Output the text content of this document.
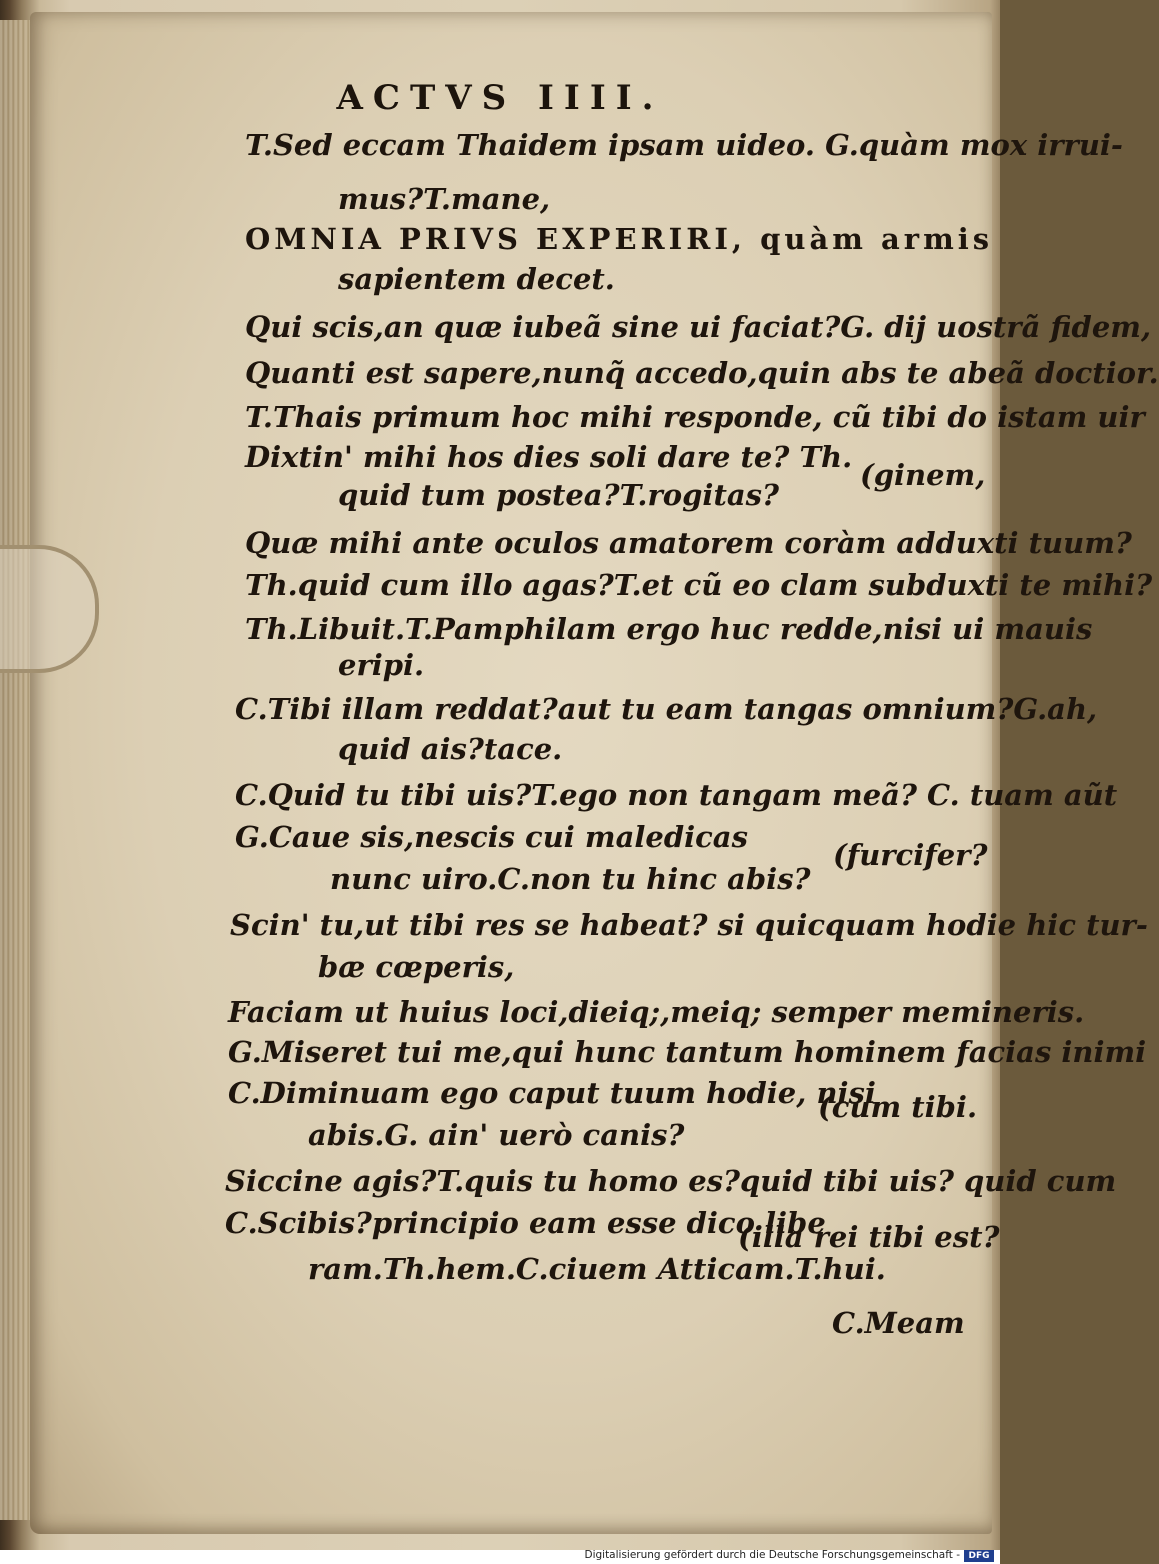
ACTVS IIII.
T.Sed eccam Thaidem ipsam uideo. G.quàm mox irrui-
mus?T.mane,
OMNIA PRIVS EXPERIRI, quàm armis
sapientem decet.
Qui scis,an quæ iubeã sine ui faciat?G. dij uostrã fidem,
Quanti est sapere,nunq̃ accedo,quin abs te abeã doctior.
T.Thais primum hoc mihi responde, cũ tibi do istam uir
Dixtin' mihi hos dies soli dare te? Th.
(ginem,
quid tum postea?T.rogitas?
Quæ mihi ante oculos amatorem coràm adduxti tuum?
Th.quid cum illo agas?T.et cũ eo clam subduxti te mihi?
Th.Libuit.T.Pamphilam ergo huc redde,nisi ui mauis
eripi.
C.Tibi illam reddat?aut tu eam tangas omnium?G.ah,
quid ais?tace.
C.Quid tu tibi uis?T.ego non tangam meã? C. tuam aũt
G.Caue sis,nescis cui maledicas
(furcifer?
nunc uiro.C.non tu hinc abis?
Scin' tu,ut tibi res se habeat? si quicquam hodie hic tur-
bæ cœperis,
Faciam ut huius loci,dieiq;,meiq; semper memineris.
G.Miseret tui me,qui hunc tantum hominem facias inimi
C.Diminuam ego caput tuum hodie, nisi
(cum tibi.
abis.G. ain' uerò canis?
Siccine agis?T.quis tu homo es?quid tibi uis? quid cum
C.Scibis?principio eam esse dico libe
(illa rei tibi est?
ram.Th.hem.C.ciuem Atticam.T.hui.
C.Meam
Digitalisierung gefördert durch die Deutsche Forschungsgemeinschaft - DFG
